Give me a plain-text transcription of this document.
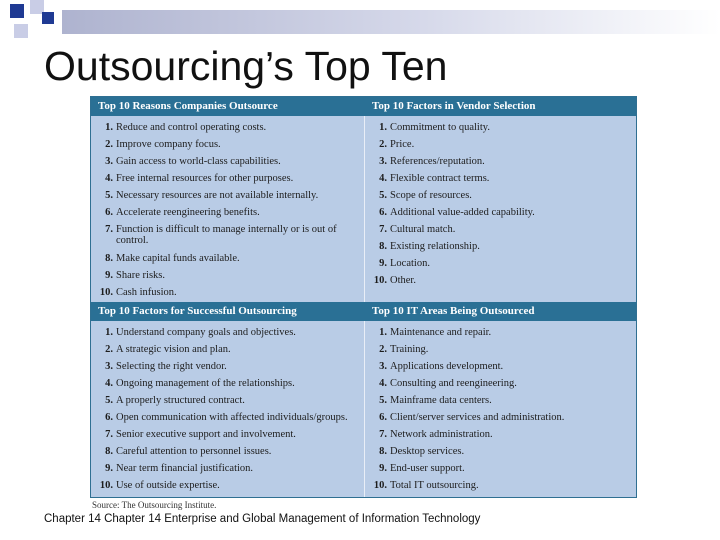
Outsourcing’s Top Ten
Top 10 Reasons Companies Outsource	Top 10 Factors in Vendor Selection
1. Reduce and control operating costs.
2. Improve company focus.
3. Gain access to world-class capabilities.
4. Free internal resources for other purposes.
5. Necessary resources are not available internally.
6. Accelerate reengineering benefits.
7. Function is difficult to manage internally or is out of control.
8. Make capital funds available.
9. Share risks.
10. Cash infusion.
1. Commitment to quality.
2. Price.
3. References/reputation.
4. Flexible contract terms.
5. Scope of resources.
6. Additional value-added capability.
7. Cultural match.
8. Existing relationship.
9. Location.
10. Other.
Top 10 Factors for Successful Outsourcing	Top 10 IT Areas Being Outsourced
1. Understand company goals and objectives.
2. A strategic vision and plan.
3. Selecting the right vendor.
4. Ongoing management of the relationships.
5. A properly structured contract.
6. Open communication with affected individuals/groups.
7. Senior executive support and involvement.
8. Careful attention to personnel issues.
9. Near term financial justification.
10. Use of outside expertise.
1. Maintenance and repair.
2. Training.
3. Applications development.
4. Consulting and reengineering.
5. Mainframe data centers.
6. Client/server services and administration.
7. Network administration.
8. Desktop services.
9. End-user support.
10. Total IT outsourcing.
Source: The Outsourcing Institute.
Chapter 14 Chapter 14 Enterprise and Global Management of Information Technology
